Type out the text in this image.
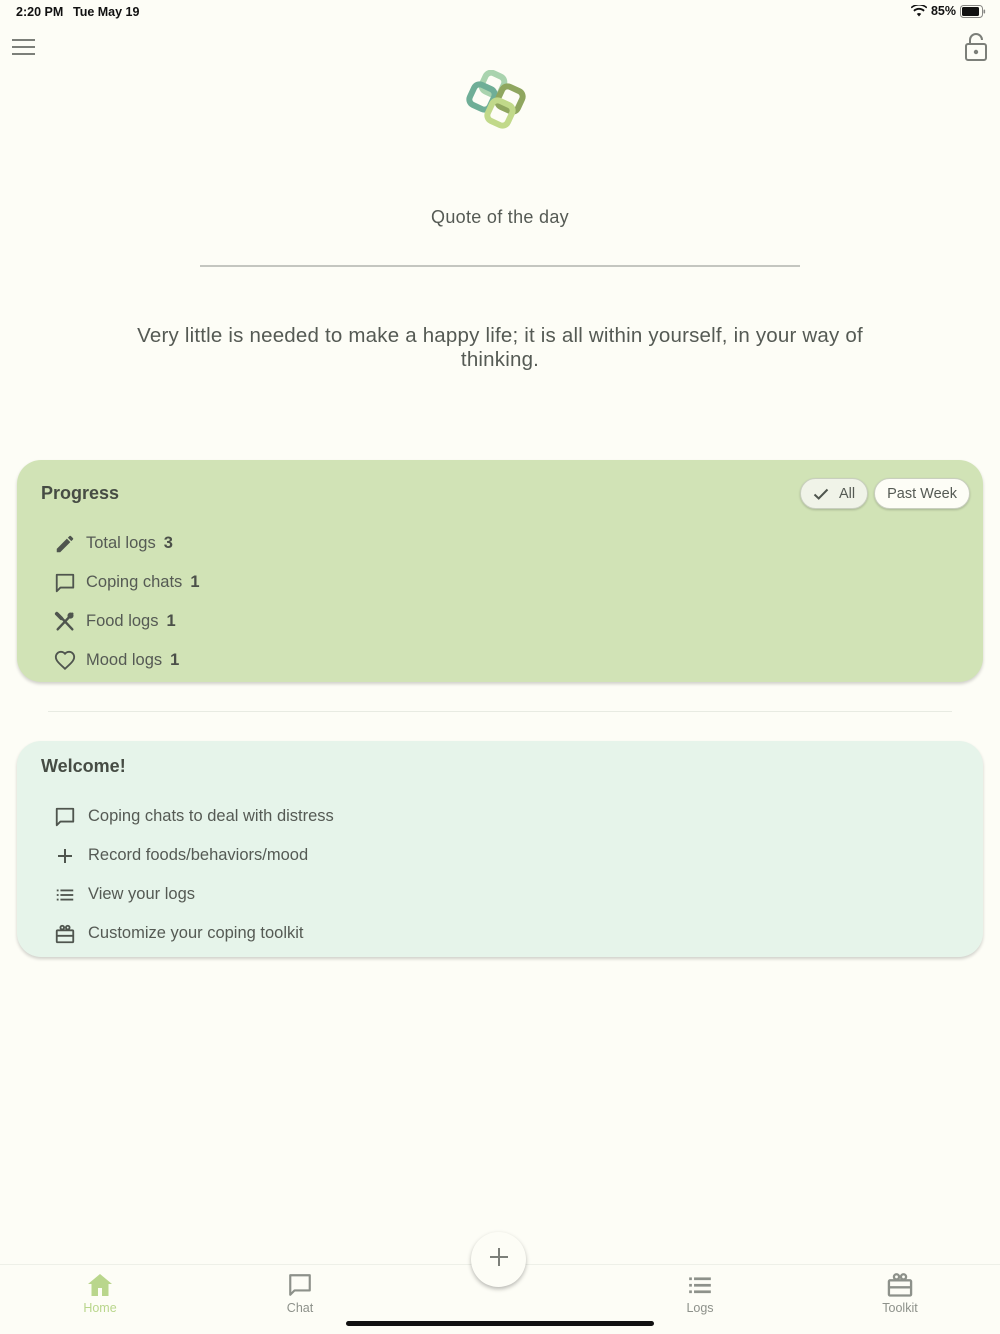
2:20 PM Tue May 19	85%
Quote of the day
Very little is needed to make a happy life; it is all within yourself, in your way of thinking.
Progress	All Past Week
Total logs 3
Coping chats 1
Food logs 1
Mood logs 1
Welcome!
Coping chats to deal with distress
Record foods/behaviors/mood
View your logs
Customize your coping toolkit
Home	Chat	Logs	Toolkit
